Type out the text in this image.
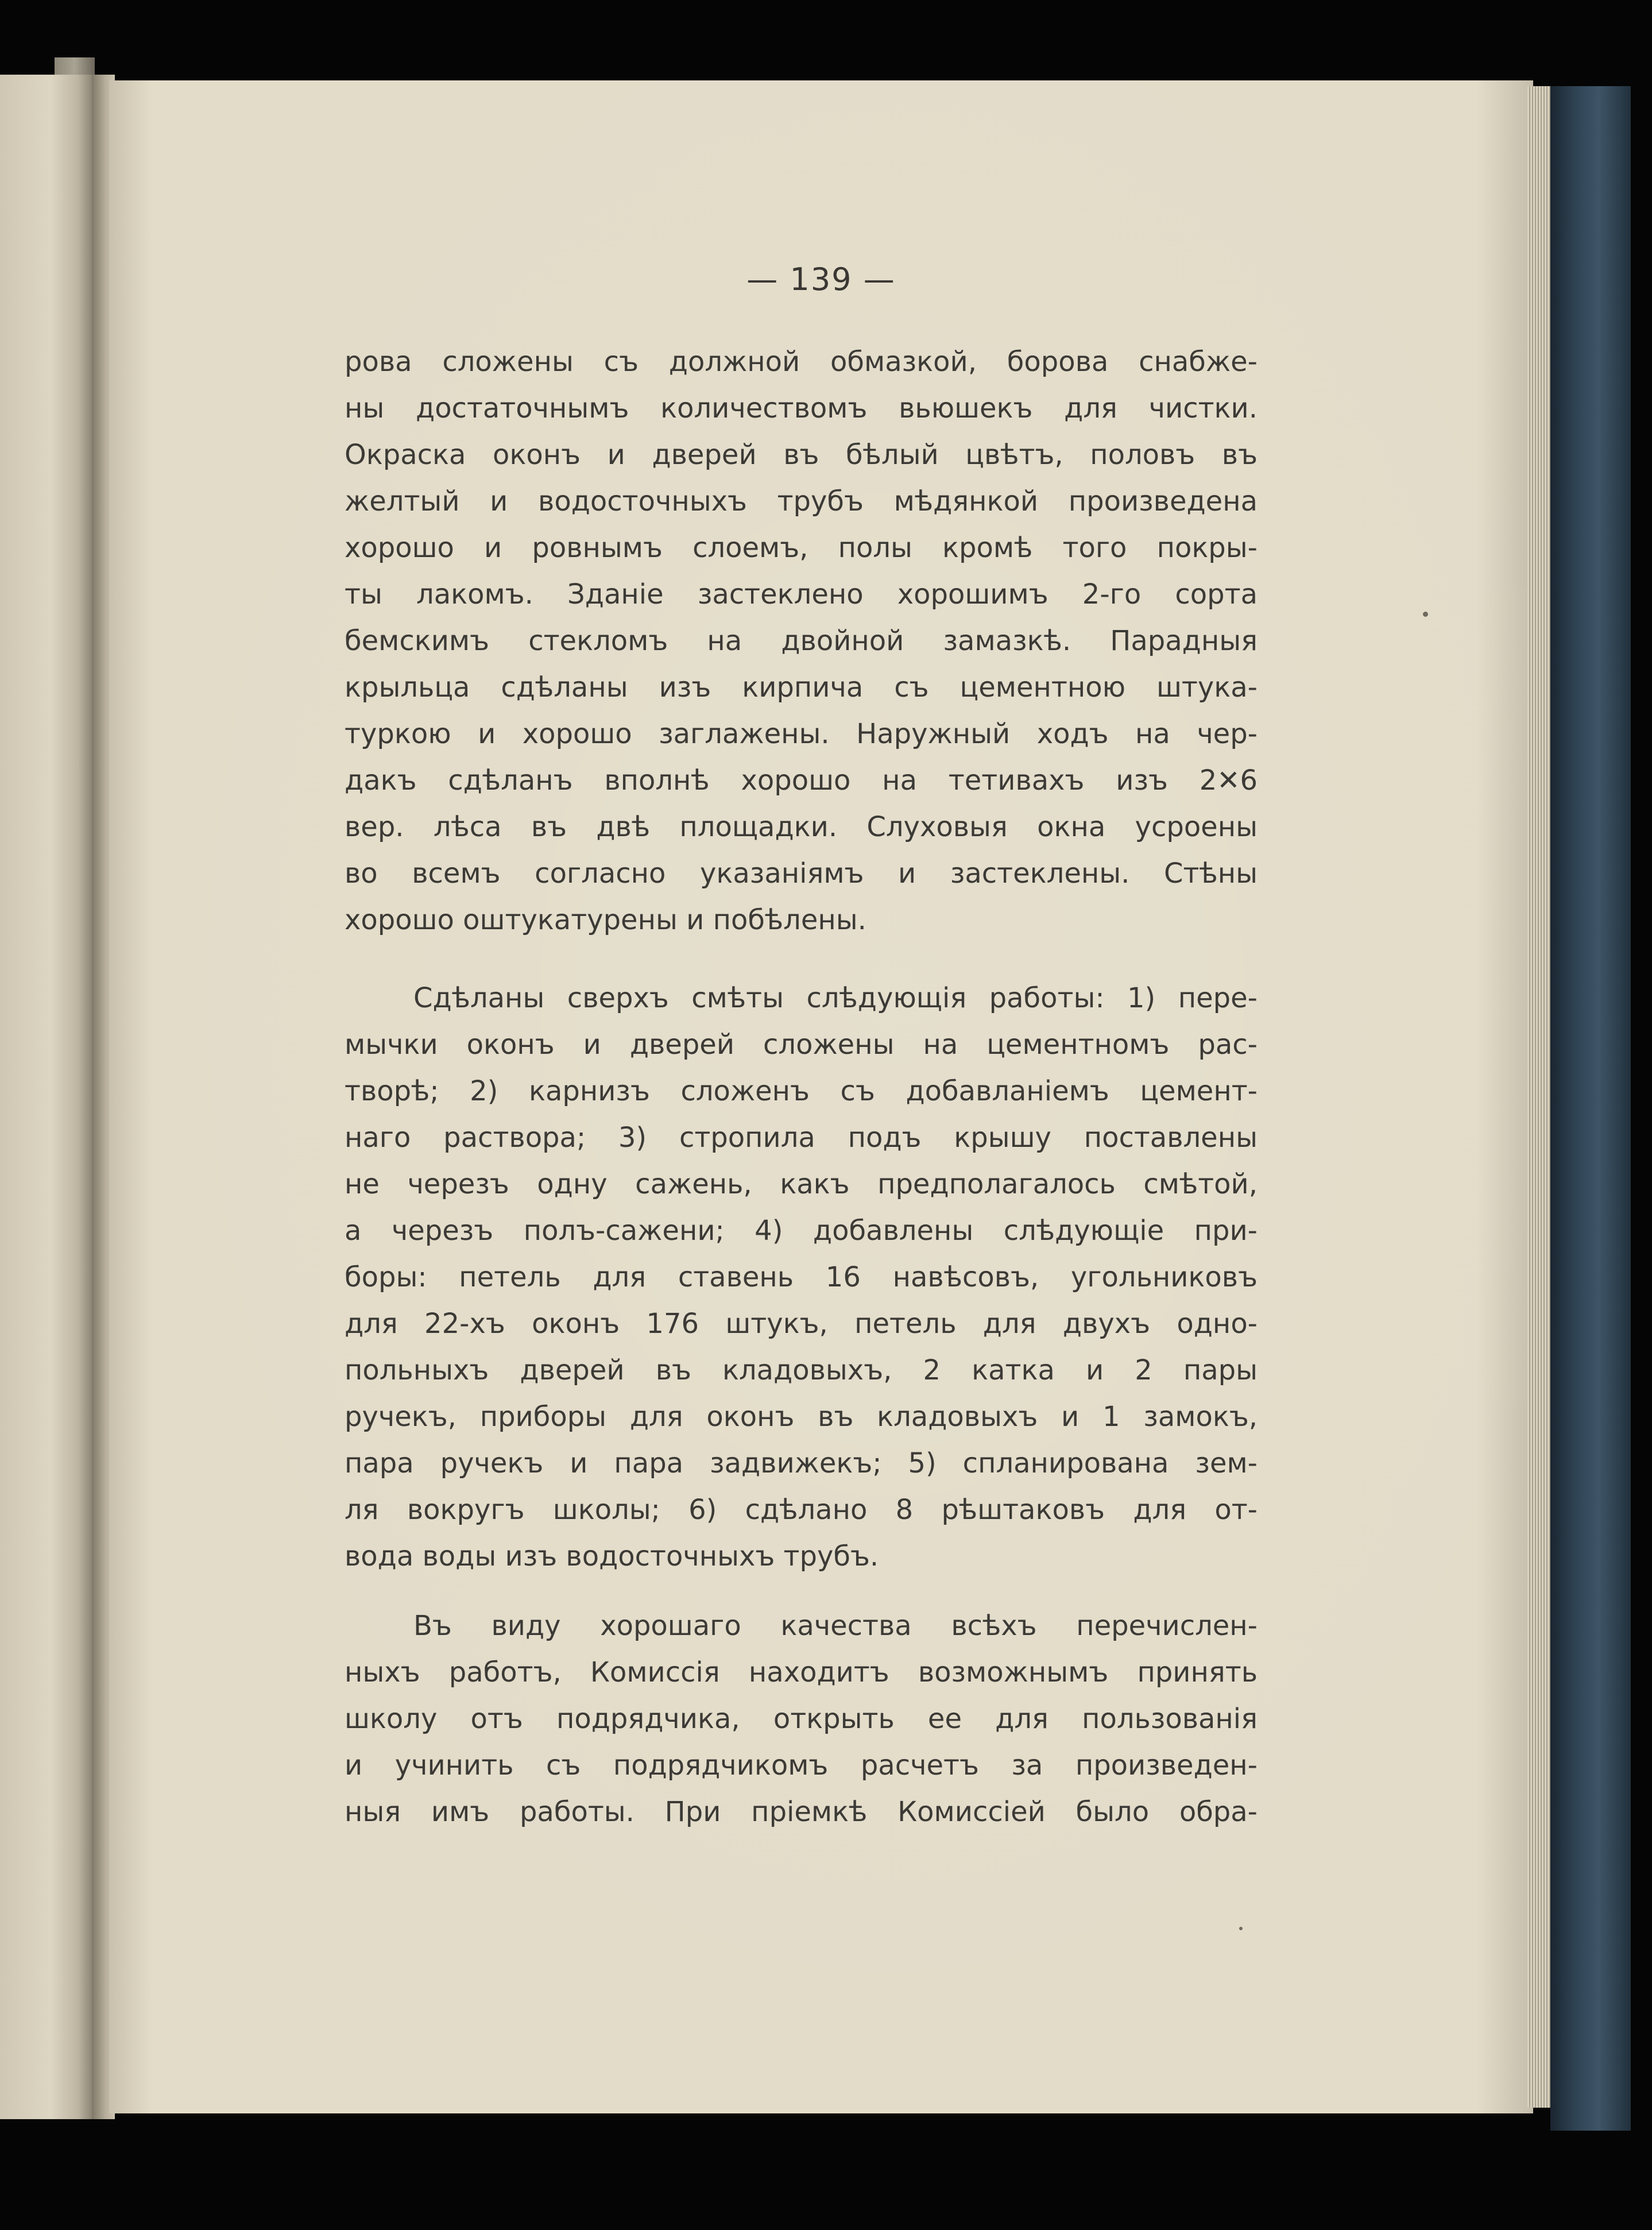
— 139 —
рова сложены съ должной обмазкой, борова снабже-
ны достаточнымъ количествомъ вьюшекъ для чистки.
Окраска оконъ и дверей въ бѣлый цвѣтъ, половъ въ
желтый и водосточныхъ трубъ мѣдянкой произведена
хорошо и ровнымъ слоемъ, полы кромѣ того покры-
ты лакомъ. Зданіе застеклено хорошимъ 2-го сорта
бемскимъ стекломъ на двойной замазкѣ. Парадныя
крыльца сдѣланы изъ кирпича съ цементною штука-
туркою и хорошо заглажены. Наружный ходъ на чер-
дакъ сдѣланъ вполнѣ хорошо на тетивахъ изъ 2✕6
вер. лѣса въ двѣ площадки. Слуховыя окна усроены
во всемъ согласно указаніямъ и застеклены. Стѣны
хорошо оштукатурены и побѣлены.
Сдѣланы сверхъ смѣты слѣдующія работы: 1) пере-
мычки оконъ и дверей сложены на цементномъ рас-
творѣ; 2) карнизъ сложенъ съ добавланіемъ цемент-
наго раствора; 3) стропила подъ крышу поставлены
не черезъ одну сажень, какъ предполагалось смѣтой,
а черезъ полъ-сажени; 4) добавлены слѣдующіе при-
боры: петель для ставень 16 навѣсовъ, угольниковъ
для 22-хъ оконъ 176 штукъ, петель для двухъ одно-
польныхъ дверей въ кладовыхъ, 2 катка и 2 пары
ручекъ, приборы для оконъ въ кладовыхъ и 1 замокъ,
пара ручекъ и пара задвижекъ; 5) спланирована зем-
ля вокругъ школы; 6) сдѣлано 8 рѣштаковъ для от-
вода воды изъ водосточныхъ трубъ.
Въ виду хорошаго качества всѣхъ перечислен-
ныхъ работъ, Комиссія находитъ возможнымъ принять
школу отъ подрядчика, открыть ее для пользованія
и учинить съ подрядчикомъ расчетъ за произведен-
ныя имъ работы. При пріемкѣ Комиссіей было обра-
